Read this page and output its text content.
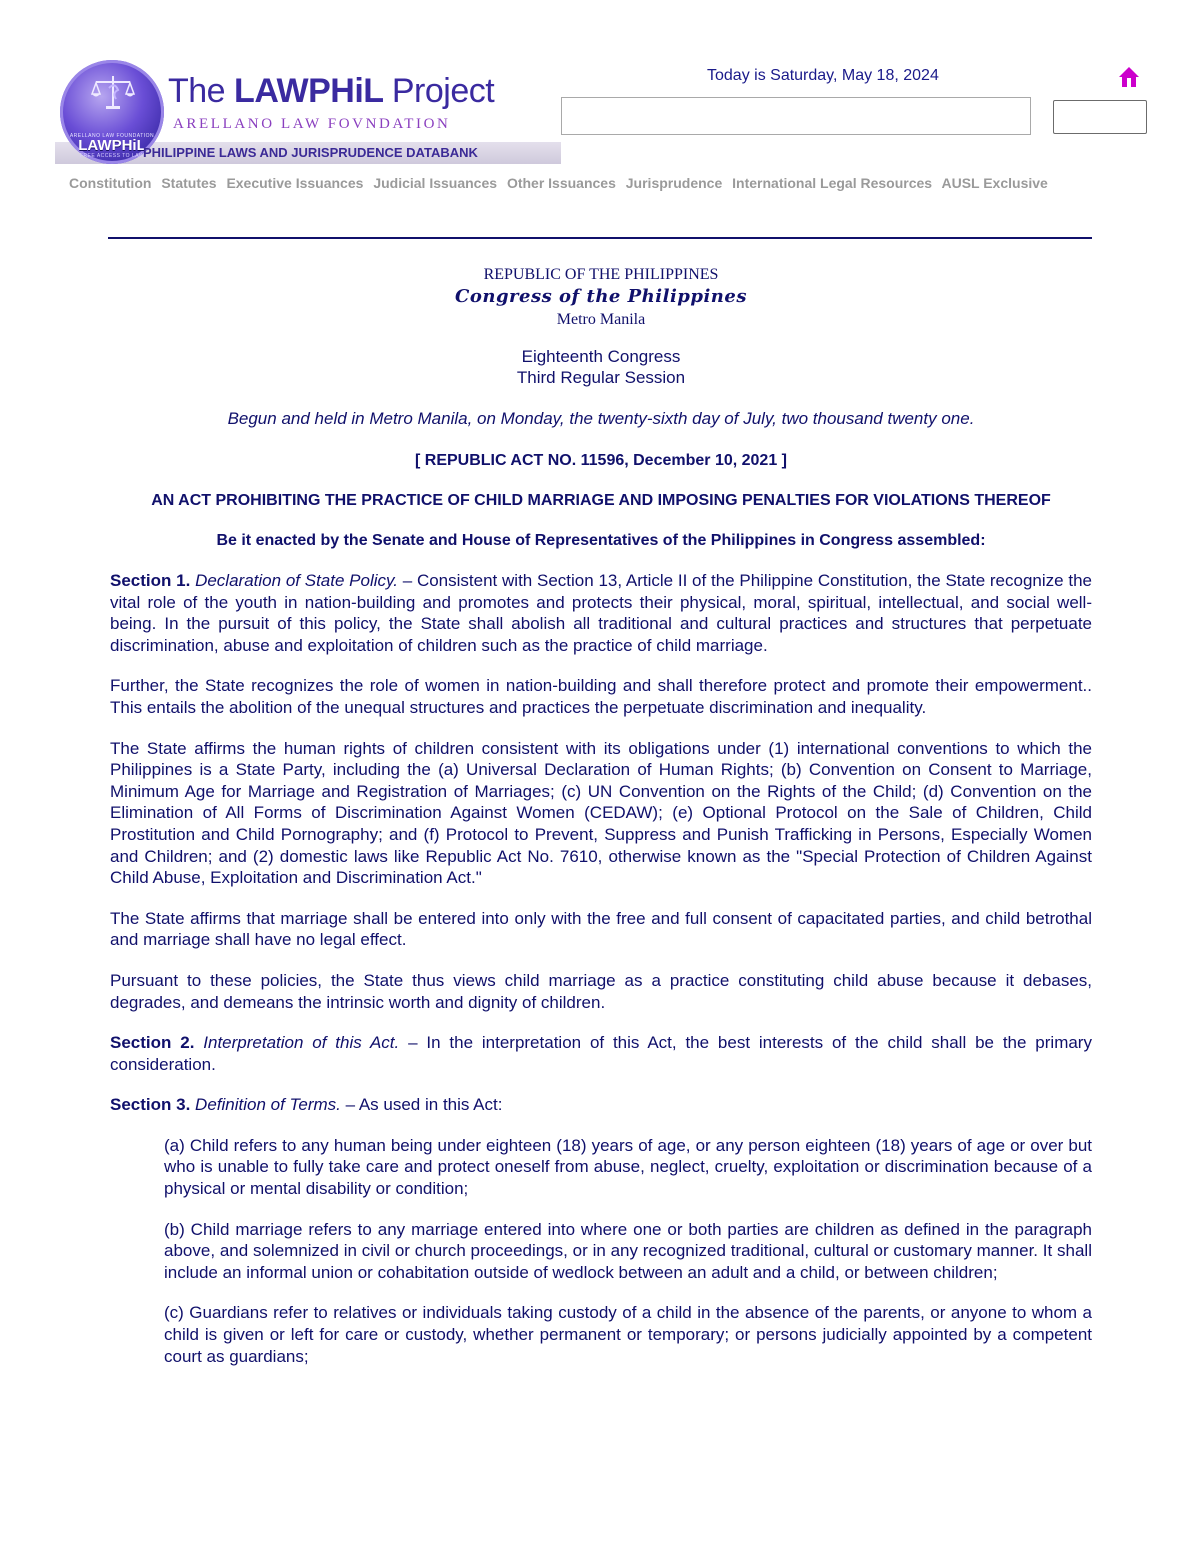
ARELLANO LAW FOUNDATION
LAWPHiL
FREE ACCESS TO LAW
The LAWPHiL Project
ARELLANO LAW FOVNDATION
PHILIPPINE LAWS AND JURISPRUDENCE DATABANK
Today is Saturday, May 18, 2024
Constitution Statutes Executive Issuances Judicial Issuances Other Issuances Jurisprudence International Legal Resources AUSL Exclusive
REPUBLIC OF THE PHILIPPINES
Congress of the Philippines
Metro Manila
Eighteenth Congress
Third Regular Session
Begun and held in Metro Manila, on Monday, the twenty-sixth day of July, two thousand twenty one.
[ REPUBLIC ACT NO. 11596, December 10, 2021 ]
AN ACT PROHIBITING THE PRACTICE OF CHILD MARRIAGE AND IMPOSING PENALTIES FOR VIOLATIONS THEREOF
Be it enacted by the Senate and House of Representatives of the Philippines in Congress assembled:

Section 1. Declaration of State Policy. – Consistent with Section 13, Article II of the Philippine Constitution, the State recognize the vital role of the youth in nation-building and promotes and protects their physical, moral, spiritual, intellectual, and social well-being. In the pursuit of this policy, the State shall abolish all traditional and cultural practices and structures that perpetuate discrimination, abuse and exploitation of children such as the practice of child marriage.

Further, the State recognizes the role of women in nation-building and shall therefore protect and promote their empowerment.. This entails the abolition of the unequal structures and practices the perpetuate discrimination and inequality.

The State affirms the human rights of children consistent with its obligations under (1) international conventions to which the Philippines is a State Party, including the (a) Universal Declaration of Human Rights; (b) Convention on Consent to Marriage, Minimum Age for Marriage and Registration of Marriages; (c) UN Convention on the Rights of the Child; (d) Convention on the Elimination of All Forms of Discrimination Against Women (CEDAW); (e) Optional Protocol on the Sale of Children, Child Prostitution and Child Pornography; and (f) Protocol to Prevent, Suppress and Punish Trafficking in Persons, Especially Women and Children; and (2) domestic laws like Republic Act No. 7610, otherwise known as the "Special Protection of Children Against Child Abuse, Exploitation and Discrimination Act."

The State affirms that marriage shall be entered into only with the free and full consent of capacitated parties, and child betrothal and marriage shall have no legal effect.

Pursuant to these policies, the State thus views child marriage as a practice constituting child abuse because it debases, degrades, and demeans the intrinsic worth and dignity of children.

Section 2. Interpretation of this Act. – In the interpretation of this Act, the best interests of the child shall be the primary consideration.

Section 3. Definition of Terms. – As used in this Act:

(a) Child refers to any human being under eighteen (18) years of age, or any person eighteen (18) years of age or over but who is unable to fully take care and protect oneself from abuse, neglect, cruelty, exploitation or discrimination because of a physical or mental disability or condition;

(b) Child marriage refers to any marriage entered into where one or both parties are children as defined in the paragraph above, and solemnized in civil or church proceedings, or in any recognized traditional, cultural or customary manner. It shall include an informal union or cohabitation outside of wedlock between an adult and a child, or between children;

(c) Guardians refer to relatives or individuals taking custody of a child in the absence of the parents, or anyone to whom a child is given or left for care or custody, whether permanent or temporary; or persons judicially appointed by a competent court as guardians;
